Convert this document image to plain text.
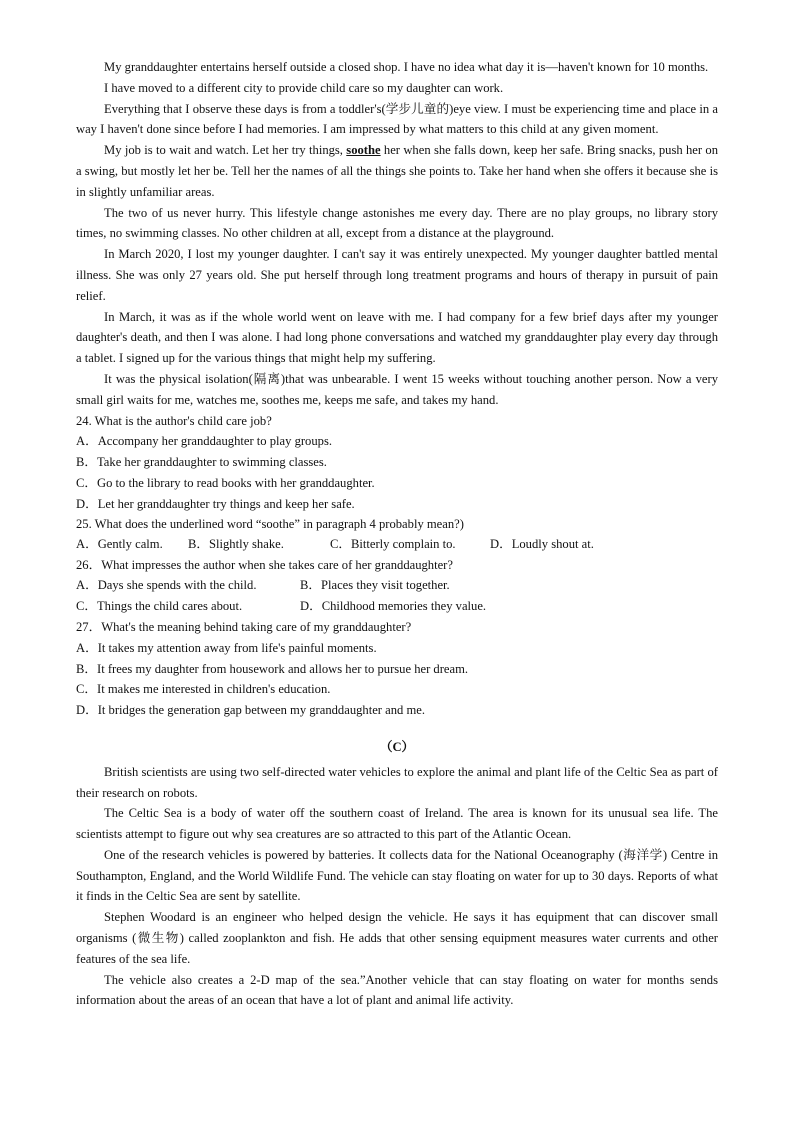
My granddaughter entertains herself outside a closed shop. I have no idea what day it is—haven't known for 10 months.

I have moved to a different city to provide child care so my daughter can work.

Everything that I observe these days is from a toddler's(学步儿童的)eye view. I must be experiencing time and place in a way I haven't done since before I had memories. I am impressed by what matters to this child at any given moment.

My job is to wait and watch. Let her try things, soothe her when she falls down, keep her safe. Bring snacks, push her on a swing, but mostly let her be. Tell her the names of all the things she points to. Take her hand when she offers it because she is in slightly unfamiliar areas.

The two of us never hurry. This lifestyle change astonishes me every day. There are no play groups, no library story times, no swimming classes. No other children at all, except from a distance at the playground.

In March 2020, I lost my younger daughter. I can't say it was entirely unexpected. My younger daughter battled mental illness. She was only 27 years old. She put herself through long treatment programs and hours of therapy in pursuit of pain relief.

In March, it was as if the whole world went on leave with me. I had company for a few brief days after my younger daughter's death, and then I was alone. I had long phone conversations and watched my granddaughter play every day through a tablet. I signed up for the various things that might help my suffering.

It was the physical isolation(隔离)that was unbearable. I went 15 weeks without touching another person. Now a very small girl waits for me, watches me, soothes me, keeps me safe, and takes my hand.

24. What is the author's child care job?

A．Accompany her granddaughter to play groups.

B．Take her granddaughter to swimming classes.

C．Go to the library to read books with her granddaughter.

D．Let her granddaughter try things and keep her safe.

25. What does the underlined word “soothe” in paragraph 4 probably mean?)

A．Gently calm.	B．Slightly shake.	C．Bitterly complain to.	D．Loudly shout at.

26．What impresses the author when she takes care of her granddaughter?

A．Days she spends with the child.	B．Places they visit together.
C．Things the child cares about.	D．Childhood memories they value.

27．What's the meaning behind taking care of my granddaughter?

A．It takes my attention away from life's painful moments.

B．It frees my daughter from housework and allows her to pursue her dream.

C．It makes me interested in children's education.

D．It bridges the generation gap between my granddaughter and me.

（C）

British scientists are using two self-directed water vehicles to explore the animal and plant life of the Celtic Sea as part of their research on robots.

The Celtic Sea is a body of water off the southern coast of Ireland. The area is known for its unusual sea life. The scientists attempt to figure out why sea creatures are so attracted to this part of the Atlantic Ocean.

One of the research vehicles is powered by batteries. It collects data for the National Oceanography (海洋学) Centre in Southampton, England, and the World Wildlife Fund. The vehicle can stay floating on water for up to 30 days. Reports of what it finds in the Celtic Sea are sent by satellite.

Stephen Woodard is an engineer who helped design the vehicle. He says it has equipment that can discover small organisms (微生物) called zooplankton and fish. He adds that other sensing equipment measures water currents and other features of the sea life.

The vehicle also creates a 2-D map of the sea.”Another vehicle that can stay floating on water for months sends information about the areas of an ocean that have a lot of plant and animal life activity.
